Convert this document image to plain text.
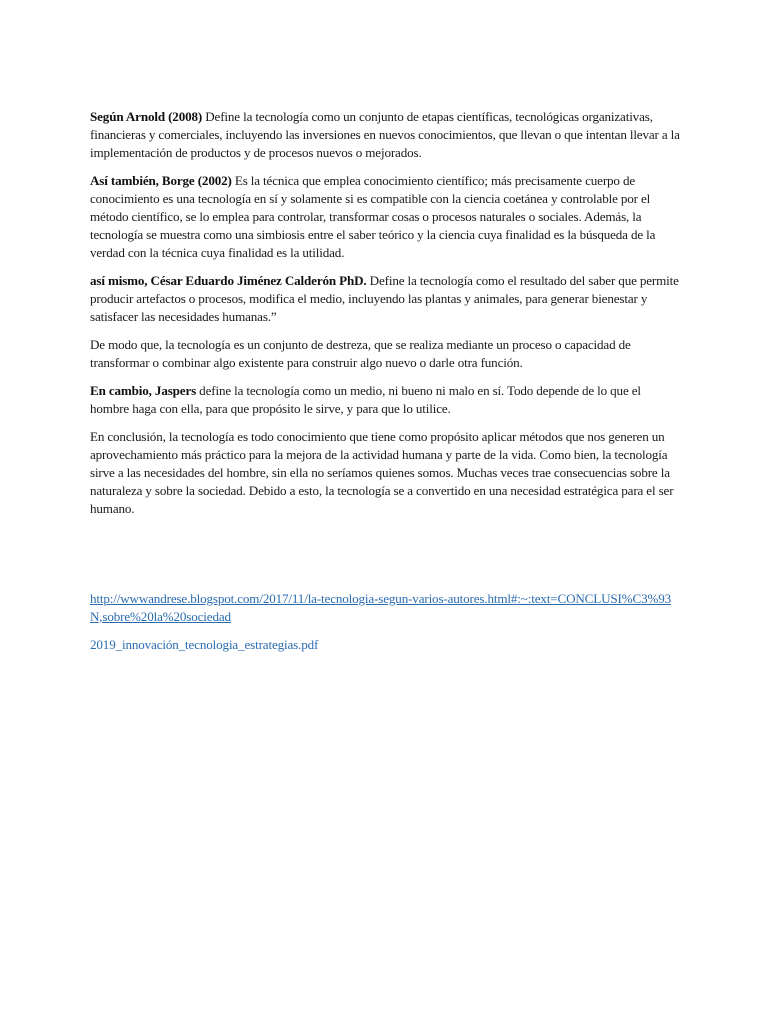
Según Arnold (2008) Define la tecnología como un conjunto de etapas científicas, tecnológicas organizativas, financieras y comerciales, incluyendo las inversiones en nuevos conocimientos, que llevan o que intentan llevar a la implementación de productos y de procesos nuevos o mejorados.

Así también, Borge (2002) Es la técnica que emplea conocimiento científico; más precisamente cuerpo de conocimiento es una tecnología en sí y solamente si es compatible con la ciencia coetánea y controlable por el método científico, se lo emplea para controlar, transformar cosas o procesos naturales o sociales. Además, la tecnología se muestra como una simbiosis entre el saber teórico y la ciencia cuya finalidad es la búsqueda de la verdad con la técnica cuya finalidad es la utilidad.

así mismo, César Eduardo Jiménez Calderón PhD. Define la tecnología como el resultado del saber que permite producir artefactos o procesos, modifica el medio, incluyendo las plantas y animales, para generar bienestar y satisfacer las necesidades humanas.”

De modo que, la tecnología es un conjunto de destreza, que se realiza mediante un proceso o capacidad de transformar o combinar algo existente para construir algo nuevo o darle otra función.

En cambio, Jaspers define la tecnología como un medio, ni bueno ni malo en sí. Todo depende de lo que el hombre haga con ella, para que propósito le sirve, y para que lo utilice.

En conclusión, la tecnología es todo conocimiento que tiene como propósito aplicar métodos que nos generen un aprovechamiento más práctico para la mejora de la actividad humana y parte de la vida. Como bien, la tecnología sirve a las necesidades del hombre, sin ella no seríamos quienes somos. Muchas veces trae consecuencias sobre la naturaleza y sobre la sociedad. Debido a esto, la tecnología se a convertido en una necesidad estratégica para el ser humano.

http://wwwandrese.blogspot.com/2017/11/la-tecnologia-segun-varios-autores.html#:~:text=CONCLUSI%C3%93N,sobre%20la%20sociedad
2019_innovación_tecnologia_estrategias.pdf
